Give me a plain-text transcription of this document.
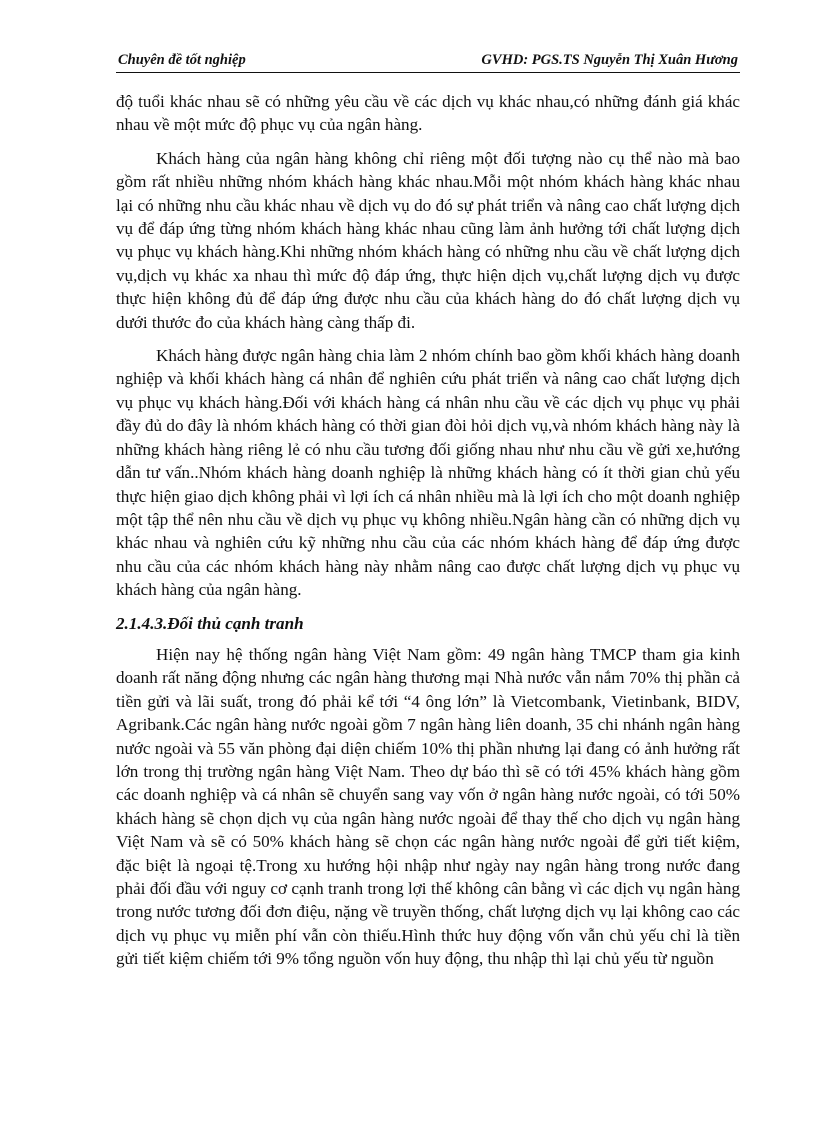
Chuyên đề tốt nghiệp	GVHD: PGS.TS Nguyễn Thị Xuân Hương

độ tuổi khác nhau sẽ có những yêu cầu về các dịch vụ khác nhau,có những đánh giá khác nhau về một mức độ phục vụ của ngân hàng.

Khách hàng của ngân hàng không chỉ riêng một đối tượng nào cụ thể nào mà bao gồm rất nhiều những nhóm khách hàng khác nhau.Mỗi một nhóm khách hàng khác nhau lại có những nhu cầu khác nhau về dịch vụ do đó sự phát triển và nâng cao chất lượng dịch vụ để đáp ứng từng nhóm khách hàng khác nhau cũng làm ảnh hưởng tới chất lượng dịch vụ phục vụ khách hàng.Khi những nhóm khách hàng có những nhu cầu về chất lượng dịch vụ,dịch vụ khác xa nhau thì mức độ đáp ứng, thực hiện dịch vụ,chất lượng dịch vụ được thực hiện không đủ để đáp ứng được nhu cầu của khách hàng do đó chất lượng dịch vụ dưới thước đo của khách hàng càng thấp đi.

Khách hàng được ngân hàng chia làm 2 nhóm chính bao gồm khối khách hàng doanh nghiệp và khối khách hàng cá nhân để nghiên cứu phát triển và nâng cao chất lượng dịch vụ phục vụ khách hàng.Đối với khách hàng cá nhân nhu cầu về các dịch vụ phục vụ phải đầy đủ do đây là nhóm khách hàng có thời gian đòi hỏi dịch vụ,và nhóm khách hàng này là những khách hàng riêng lẻ có nhu cầu tương đối giống nhau như nhu cầu về gửi xe,hướng dẫn tư vấn..Nhóm khách hàng doanh nghiệp là những khách hàng có ít thời gian chủ yếu thực hiện giao dịch không phải vì lợi ích cá nhân nhiều mà là lợi ích cho một doanh nghiệp một tập thể nên nhu cầu về dịch vụ phục vụ không nhiều.Ngân hàng cần có những dịch vụ khác nhau và nghiên cứu kỹ những nhu cầu của các nhóm khách hàng để đáp ứng được nhu cầu của các nhóm khách hàng này nhằm nâng cao được chất lượng dịch vụ phục vụ khách hàng của ngân hàng.

2.1.4.3.Đối thủ cạnh tranh

Hiện nay hệ thống ngân hàng Việt Nam gồm: 49 ngân hàng TMCP tham gia kinh doanh rất năng động nhưng các ngân hàng thương mại Nhà nước vẫn nắm 70% thị phần cả tiền gửi và lãi suất, trong đó phải kể tới “4 ông lớn” là Vietcombank, Vietinbank, BIDV, Agribank.Các ngân hàng nước ngoài gồm 7 ngân hàng liên doanh, 35 chi nhánh ngân hàng nước ngoài và 55 văn phòng đại diện chiếm 10% thị phần nhưng lại đang có ảnh hưởng rất lớn trong thị trường ngân hàng Việt Nam. Theo dự báo thì sẽ có tới 45% khách hàng gồm các doanh nghiệp và cá nhân sẽ chuyển sang vay vốn ở ngân hàng nước ngoài, có tới 50% khách hàng sẽ chọn dịch vụ của ngân hàng nước ngoài để thay thế cho dịch vụ ngân hàng Việt Nam và sẽ có 50% khách hàng sẽ chọn các ngân hàng nước ngoài để gửi tiết kiệm, đặc biệt là ngoại tệ.Trong xu hướng hội nhập như ngày nay ngân hàng trong nước đang phải đối đầu với nguy cơ cạnh tranh trong lợi thế không cân bằng vì các dịch vụ ngân hàng trong nước tương đối đơn điệu, nặng về truyền thống, chất lượng dịch vụ lại không cao các dịch vụ phục vụ miễn phí vẫn còn thiếu.Hình thức huy động vốn vẫn chủ yếu chỉ là tiền gửi tiết kiệm chiếm tới 9% tổng nguồn vốn huy động, thu nhập thì lại chủ yếu từ nguồn
